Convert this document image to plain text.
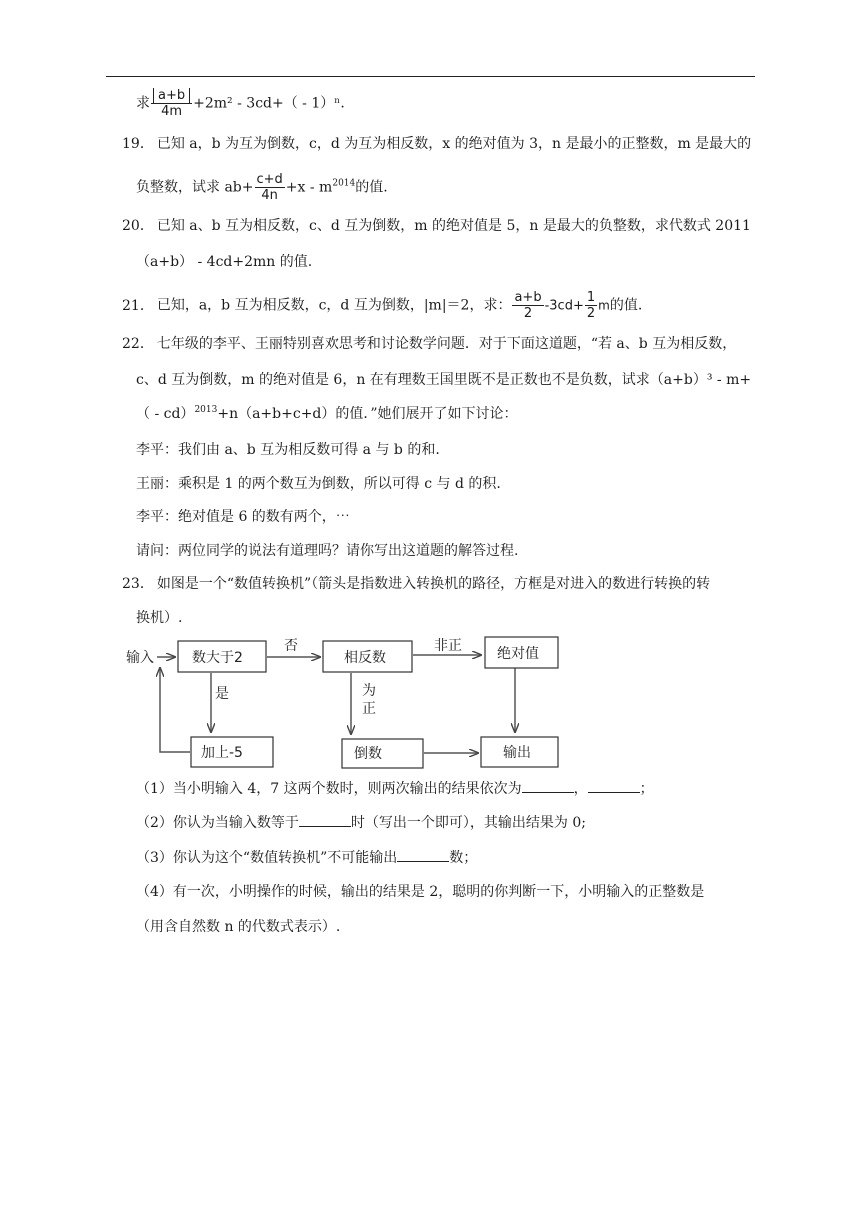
求 $\frac{a+b}{4m} +2m^2 - 3cd+( - 1)^n$.
19． 已知 a，b 为互为倒数，c，d 为互为相反数，x 的绝对值为 3，n 是最小的正整数，m 是最大的
负整数，试求 $ab+ \frac{c+d}{4n} +x - m^{2014}$的值.
20． 已知 a、b 互为相反数，c、d 互为倒数，m 的绝对值是 5，n 是最大的负整数，求代数式 2011
（a+b） - 4cd+2mn 的值.
21． 已知，a，b 互为相反数，c，d 互为倒数，|m|＝2，求： $\frac{a+b}{2} -3cd+ \frac{1}{2}$ m的值.
22． 七年级的李平、王丽特别喜欢思考和讨论数学问题．对于下面这道题，“若 a、b 互为相反数，
c、d 互为倒数，m 的绝对值是 6，n 在有理数王国里既不是正数也不是负数，试求（a+b）³ - m+
（ - cd）$^{2013}$+n（a+b+c+d）的值．”她们展开了如下讨论：
李平：我们由 a、b 互为相反数可得 a 与 b 的和.
王丽：乘积是 1 的两个数互为倒数，所以可得 c 与 d 的积.
李平：绝对值是 6 的数有两个，⋯
请问：两位同学的说法有道理吗？请你写出这道题的解答过程.
23． 如图是一个“数值转换机”（箭头是指数进入转换机的路径，方框是对进入的数进行转换的转
换机）.
输入	数大于2
否
相反数
非正	绝对值
是	为
正
加上-5	倒数	输出
（1）当小明输入 4，7 这两个数时，则两次输出的结果依次为	，	；
（2）你认为当输入数等于	时（写出一个即可），其输出结果为 0;
（3）你认为这个“数值转换机”不可能输出	数；
（4）有一次，小明操作的时候，输出的结果是 2，聪明的你判断一下，小明输入的正整数是
（用含自然数 n 的代数式表示）.
